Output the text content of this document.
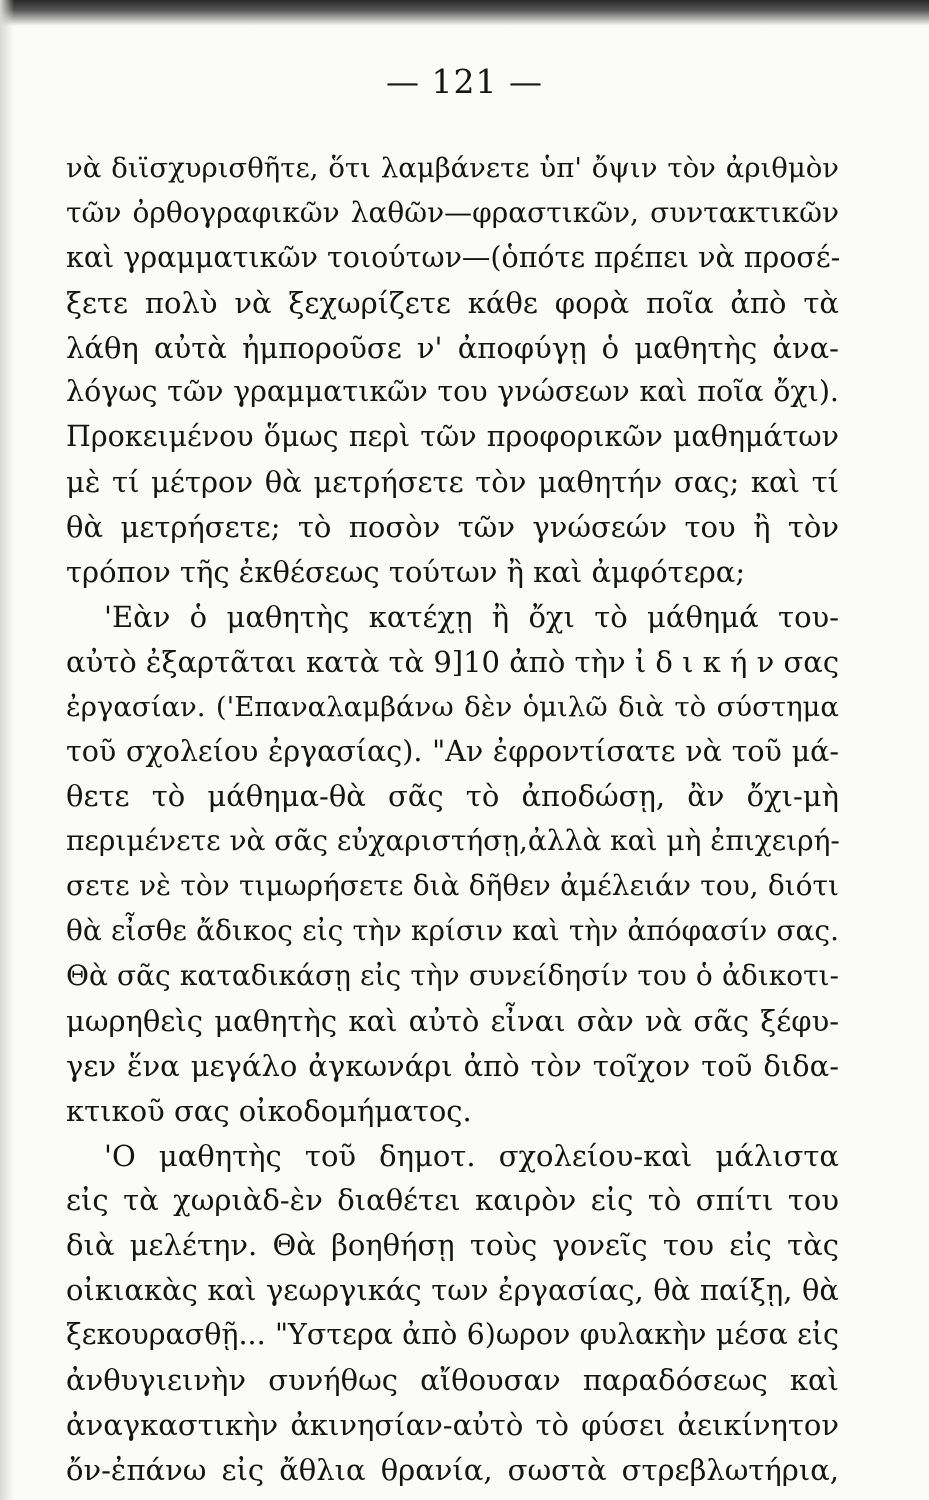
— 121 —
νὰ διϊσχυρισθῆτε, ὅτι λαμβάνετε ὑπ' ὄψιν τὸν ἀριθμὸν
τῶν ὀρθογραφικῶν λαθῶν—φραστικῶν, συντακτικῶν
καὶ γραμματικῶν τοιούτων—(ὁπότε πρέπει νὰ προσέ-
ξετε πολὺ νὰ ξεχωρίζετε κάθε φορὰ ποῖα ἀπὸ τὰ
λάθη αὐτὰ ἠμποροῦσε ν' ἀποφύγῃ ὁ μαθητὴς ἀνα-
λόγως τῶν γραμματικῶν του γνώσεων καὶ ποῖα ὄχι).
Προκειμένου ὅμως περὶ τῶν προφορικῶν μαθημάτων
μὲ τί μέτρον θὰ μετρήσετε τὸν μαθητήν σας; καὶ τί
θὰ μετρήσετε; τὸ ποσὸν τῶν γνώσεών του ἢ τὸν
τρόπον τῆς ἐκθέσεως τούτων ἢ καὶ ἀμφότερα;
'Εὰν ὁ μαθητὴς κατέχῃ ἢ ὄχι τὸ μάθημά του-
αὐτὸ ἐξαρτᾶται κατὰ τὰ 9]10 ἀπὸ τὴν ἰ δ ι κ ή ν σας
ἐργασίαν. ('Επαναλαμβάνω δὲν ὁμιλῶ διὰ τὸ σύστημα
τοῦ σχολείου ἐργασίας). "Αν ἐφροντίσατε νὰ τοῦ μά-
θετε τὸ μάθημα-θὰ σᾶς τὸ ἀποδώσῃ, ἂν ὄχι-μὴ
περιμένετε νὰ σᾶς εὐχαριστήσῃ,ἀλλὰ καὶ μὴ ἐπιχειρή-
σετε νὲ τὸν τιμωρήσετε διὰ δῆθεν ἀμέλειάν του, διότι
θὰ εἶσθε ἄδικος εἰς τὴν κρίσιν καὶ τὴν ἀπόφασίν σας.
Θὰ σᾶς καταδικάσῃ εἰς τὴν συνείδησίν του ὁ ἀδικοτι-
μωρηθεὶς μαθητὴς καὶ αὐτὸ εἶναι σὰν νὰ σᾶς ξέφυ-
γεν ἕνα μεγάλο ἀγκωνάρι ἀπὸ τὸν τοῖχον τοῦ διδα-
κτικοῦ σας οἰκοδομήματος.
'Ο μαθητὴς τοῦ δημοτ. σχολείου-καὶ μάλιστα
εἰς τὰ χωριὰδ-ὲν διαθέτει καιρὸν εἰς τὸ σπίτι του
διὰ μελέτην. Θὰ βοηθήσῃ τοὺς γονεῖς του εἰς τὰς
οἰκιακὰς καὶ γεωργικάς των ἐργασίας, θὰ παίξῃ, θὰ
ξεκουρασθῇ... "Υστερα ἀπὸ 6)ωρον φυλακὴν μέσα εἰς
ἀνθυγιεινὴν συνήθως αἴθουσαν παραδόσεως καὶ
ἀναγκαστικὴν ἀκινησίαν-αὐτὸ τὸ φύσει ἀεικίνητον
ὄν-ἐπάνω εἰς ἄθλια θρανία, σωστὰ στρεβλωτήρια,
